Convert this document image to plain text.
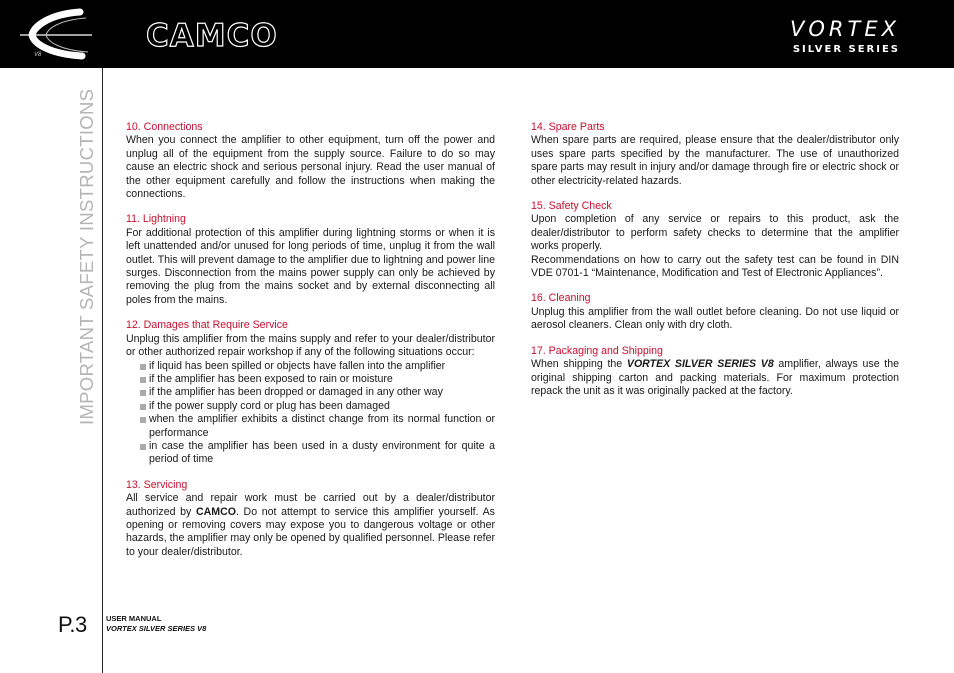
V8
CAMCO	VORTEX
SILVER SERIES
IMPORTANT SAFETY INSTRUCTIONS	10. Connections
When you connect the amplifier to other equipment, turn off the power and unplug all of the equipment from the supply source. Failure to do so may cause an electric shock and serious personal injury. Read the user manual of the other equipment carefully and follow the instructions when making the connections.
11. Lightning
For additional protection of this amplifier during lightning storms or when it is left unattended and/or unused for long periods of time, unplug it from the wall outlet. This will prevent damage to the amplifier due to lightning and power line surges. Disconnection from the mains power supply can only be achieved by removing the plug from the mains socket and by external disconnecting all poles from the mains.
12. Damages that Require Service
Unplug this amplifier from the mains supply and refer to your dealer/distributor or other authorized repair workshop if any of the following situations occur:
if liquid has been spilled or objects have fallen into the amplifier
if the amplifier has been exposed to rain or moisture
if the amplifier has been dropped or damaged in any other way
if the power supply cord or plug has been damaged
when the amplifier exhibits a distinct change from its normal function or performance
in case the amplifier has been used in a dusty environment for quite a period of time
13. Servicing
All service and repair work must be carried out by a dealer/distributor authorized by CAMCO. Do not attempt to service this amplifier yourself. As opening or removing covers may expose you to dangerous voltage or other hazards, the amplifier may only be opened by qualified personnel. Please refer to your dealer/distributor.
14. Spare Parts
When spare parts are required, please ensure that the dealer/distributor only uses spare parts specified by the manufacturer. The use of unauthorized spare parts may result in injury and/or damage through fire or electric shock or other electricity-related hazards.
15. Safety Check
Upon completion of any service or repairs to this product, ask the dealer/distributor to perform safety checks to determine that the amplifier works properly.
Recommendations on how to carry out the safety test can be found in DIN VDE 0701-1 “Maintenance, Modification and Test of Electronic Appliances”.
16. Cleaning
Unplug this amplifier from the wall outlet before cleaning. Do not use liquid or aerosol cleaners. Clean only with dry cloth.
17. Packaging and Shipping
When shipping the VORTEX SILVER SERIES V8 amplifier, always use the original shipping carton and packing materials. For maximum protection repack the unit as it was originally packed at the factory.
P.3	USER MANUAL
VORTEX SILVER SERIES V8
